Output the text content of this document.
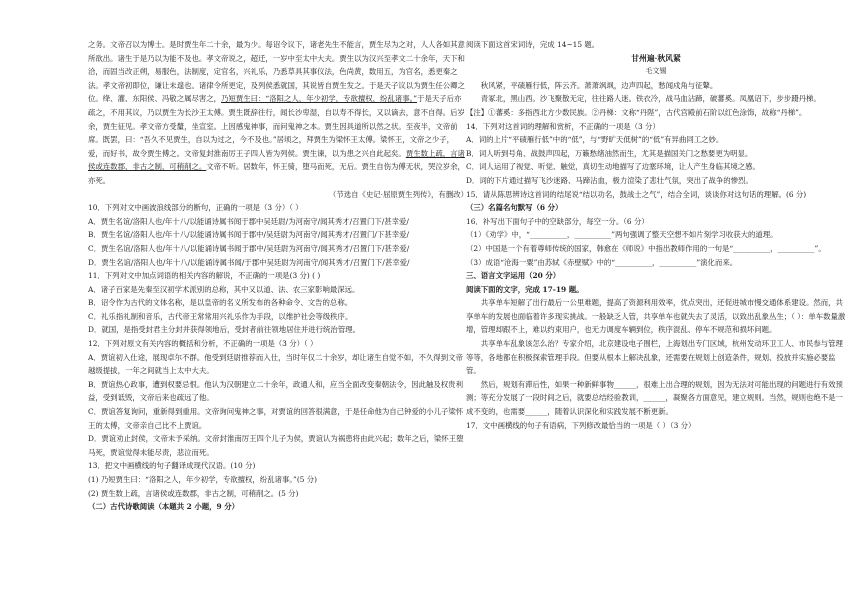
之务。文帝召以为博士。是时贾生年二十余，最为少。每诏令议下，诸老先生不能言，贾生尽为之对，人人各如其意所欲出。诸生于是乃以为能不及也。孝文帝说之，超迁，一岁中至太中大夫。贾生以为汉兴至孝文二十余年，天下和洽，而固当改正朔，易服色，法制度，定官名，兴礼乐，乃悉草具其事仪法，色尚黄，数用五，为官名，悉更秦之法。孝文帝初即位，谦让未遑也。诸律令所更定，及列侯悉就国，其说皆自贾生发之。于是天子议以为贾生任公卿之位。绛、灌、东阳侯、冯敬之属尽害之，乃短贾生曰：“洛阳之人，年少初学，专欲擅权，纷乱诸事。”于是天子后亦疏之，不用其议，乃以贾生为长沙王太傅。贾生既辞往行，闻长沙卑湿，自以寿不得长，又以谪去，意不自得。后岁余，贾生征见。孝文帝方受釐，坐宣室。上因感鬼神事，而问鬼神之本。贾生因具道所以然之状。至夜半，文帝前席。既罢，曰：“吾久不见贾生，自以为过之，今不及也。”居顷之，拜贾生为梁怀王太傅。梁怀王，文帝之少子，爱，而好书，故令贾生傅之。文帝复封淮南厉王子四人皆为列侯。贾生谏，以为患之兴自此起矣。贾生数上疏，言诸侯或连数郡，非古之制，可稍削之。文帝不听。居数年，怀王骑，堕马而死，无后。贾生自伤为傅无状，哭泣岁余，亦死。

（节选自《史记·屈原贾生列传》，有删改）

10．下列对文中画波浪线部分的断句，正确的一项是（3 分）（ ）

A．贾生名谊/洛阳人也/年十八/以能诵诗属书闻于郡中吴廷尉/为河南守/闻其秀才/召置门下/甚幸爱/

B．贾生名谊/洛阳人也/年十八/以能诵诗属书闻于郡中/吴廷尉为河南守/闻其秀才/召置门/下甚幸爱/

C．贾生名谊/洛阳人也/年十八/以能诵诗属书闻于郡中/吴廷尉为河南守/闻其秀才/召置门下/甚幸爱/

D．贾生名谊/洛阳人也/年十八/以能诵诗属书闻/于郡中吴廷尉为河南守/闻其秀才/召置门下/甚幸爱/

11．下列对文中加点词语的相关内容的解说，不正确的一项是(3 分) ( )

A．诸子百家是先秦至汉初学术派别的总称，其中又以道、法、农三家影响最深远。

B．诏令作为古代的文体名称，是以皇帝的名义所发布的各种命令、文告的总称。

C．礼乐指礼制和音乐，古代帝王常常用兴礼乐作为手段，以维护社会等级秩序。

D．就国，是指受封君主分封并获得领地后，受封者前往领地居住并进行统治管理。

12．下列对原文有关内容的概括和分析，不正确的一项是（3 分）（ ）

A．贾谊初入仕途，展现卓尔不群。他受到廷尉推荐而入仕，当时年仅二十余岁，却让诸生自觉不如，不久得到文帝越级提拔，一年之间就当上太中大夫。

B．贾谊热心政事，遭到权要忌恨。他认为汉朝建立二十余年，政通人和，应当全面改变秦朝法令，因此触及权贵利益，受到诋毁，文帝后来也疏远了他。

C．贾谊答复询问，重新得到重用。文帝询问鬼神之事，对贾谊的回答很满意，于是任命他为自己钟爱的小儿子梁怀王的太傅，文帝亲自己比不上贾谊。

D．贾谊劝止封侯，文帝未予采纳。文帝封淮南厉王四个儿子为侯，贾谊认为祸患将由此兴起；数年之后，梁怀王堕马死，贾谊觉得未能尽责，悲泣而死。

13．把文中画横线的句子翻译成现代汉语。(10 分)

(1) 乃短贾生曰：“洛阳之人，年少初学，专欲擅权，纷乱诸事。”(5 分)

(2) 贾生数上疏，言诸侯或连数郡，非古之制，可稍削之。(5 分)

（二）古代诗歌阅读（本题共 2 小题，9 分）

阅读下面这首宋词诗，完成 14~15 题。

甘州遍·秋风紧

毛文锡

秋风紧，平碛雁行低，阵云齐。萧萧飒飒，边声四起，愁闻戍角与征鼙。

青冢北，黑山西。沙飞聚散无定，往往路人迷。铁衣冷，战马血沾蹄，破蕃奚。凤凰诏下，步步蹑丹梯。

【注】①蕃奚：多指西北方少数民族。②丹梯：文称“丹陛”，古代宫殿前石阶以红色涂饰，故称“丹梯”。

14．下列对这首词的理解和赏析，不正确的一项是（3 分）

A．词的上片“平碛雁行低”中的“低”，与“野旷天低树”的“低”有异曲同工之妙。

B．词人听到号角、战鼓声四起，万籁愁绪油然而生，尤其是描国关门之愁要更为明显。

C．词人运用了视觉、听觉、触觉，真切生动地描写了边塞环境，让人产生身临其境之感。

D．词的下片通过描写飞沙迷路、马蹄沾血，极力渲染了悲壮气氛，突出了战争的惨烈。

15．请从陈思辨诗这首词的结尾说“结以功名，鼓战士之气”，结合全词，谈谈你对这句话的理解。(6 分)

（三）名篇名句默写（6 分）

16．补写出下面句子中的空缺部分，每空一分。（6 分）

（1）《劝学》中，“__________，__________”两句强调了整天空想不如片刻学习收获大的道理。

（2）中国是一个有着尊师传统的国家，韩愈在《师说》中指出教师作用的一句是“__________，__________”。

（3）成语“沧海一粟”由苏轼《赤壁赋》中的“__________，__________”演化而来。

三、语言文字运用（20 分）

阅读下面的文字，完成 17-19 题。

共享单车短解了出行最后一公里难题，提高了资源利用效率，优点突出，还促进城市慢交通体系建设。然而，共享单车的发展也面临着许多现实挑战。一般缺乏人管，共享单车也就失去了灵活，以致出乱象丛生；（ ）：单车数量激增，管理却跟不上，难以约束用户，也无力调度车辆到位，秩序混乱、停车不规范和损坏问题。

共享单车乱象该怎么治？专家介绍，北京建设电子围栏，上海划出专门区域，杭州发动环卫工人、市民参与管理等等，各地都在积极探索管理手段。但要从根本上解决乱象，还需要在规划上创造条件，规划、投放并实施必要监管。

然后，规划有滞后性，如果一种新鲜事物______，很难上出合理的规划，因为无法对可能出现的问题进行有效预测；等充分发展了一段时间之后，就要总结经验教训，______，凝聚各方面意见，建立规则。当然，规则也绝不是一成不变的，也需要______，随着认识深化和实践发展不断更新。

17．文中画横线的句子有语病，下列修改最恰当的一项是（ ）（3 分）
